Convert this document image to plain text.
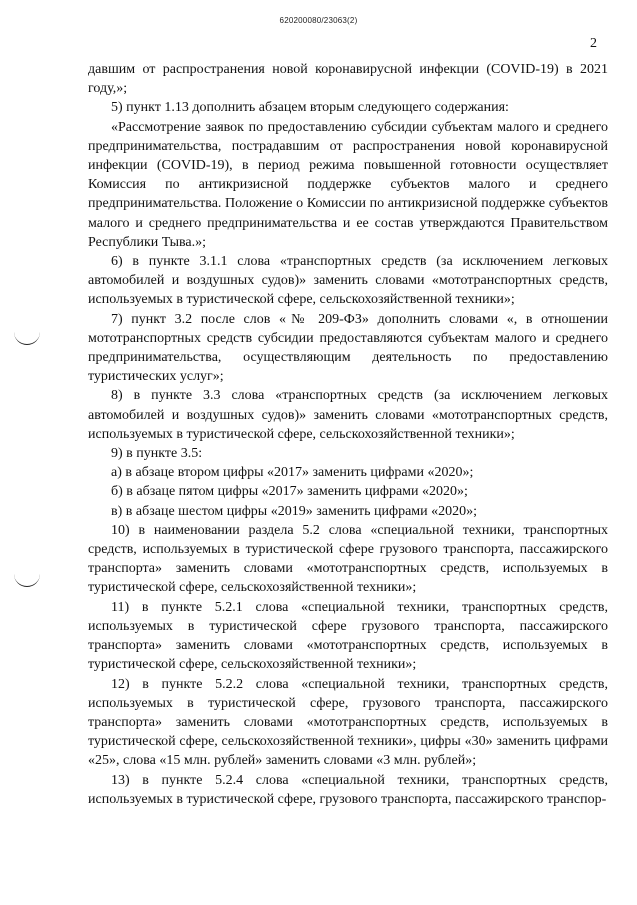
620200080/23063(2)
2

давшим от распространения новой коронавирусной инфекции (COVID-19) в 2021 году,»;

5) пункт 1.13 дополнить абзацем вторым следующего содержания:

«Рассмотрение заявок по предоставлению субсидии субъектам малого и среднего предпринимательства, пострадавшим от распространения новой коронавирусной инфекции (COVID-19), в период режима повышенной готовности осуществляет Комиссия по антикризисной поддержке субъектов малого и среднего предпринимательства. Положение о Комиссии по антикризисной поддержке субъектов малого и среднего предпринимательства и ее состав утверждаются Правительством Республики Тыва.»;

6) в пункте 3.1.1 слова «транспортных средств (за исключением легковых автомобилей и воздушных судов)» заменить словами «мототранспортных средств, используемых в туристической сфере, сельскохозяйственной техники»;

7) пункт 3.2 после слов «№ 209-ФЗ» дополнить словами «, в отношении мототранспортных средств субсидии предоставляются субъектам малого и среднего предпринимательства, осуществляющим деятельность по предоставлению туристических услуг»;

8) в пункте 3.3 слова «транспортных средств (за исключением легковых автомобилей и воздушных судов)» заменить словами «мототранспортных средств, используемых в туристической сфере, сельскохозяйственной техники»;

9) в пункте 3.5:

а) в абзаце втором цифры «2017» заменить цифрами «2020»;

б) в абзаце пятом цифры «2017» заменить цифрами «2020»;

в) в абзаце шестом цифры «2019» заменить цифрами «2020»;

10) в наименовании раздела 5.2 слова «специальной техники, транспортных средств, используемых в туристической сфере грузового транспорта, пассажирского транспорта» заменить словами «мототранспортных средств, используемых в туристической сфере, сельскохозяйственной техники»;

11) в пункте 5.2.1 слова «специальной техники, транспортных средств, используемых в туристической сфере грузового транспорта, пассажирского транспорта» заменить словами «мототранспортных средств, используемых в туристической сфере, сельскохозяйственной техники»;

12) в пункте 5.2.2 слова «специальной техники, транспортных средств, используемых в туристической сфере, грузового транспорта, пассажирского транспорта» заменить словами «мототранспортных средств, используемых в туристической сфере, сельскохозяйственной техники», цифры «30» заменить цифрами «25», слова «15 млн. рублей» заменить словами «3 млн. рублей»;

13) в пункте 5.2.4 слова «специальной техники, транспортных средств, используемых в туристической сфере, грузового транспорта, пассажирского транспор-
